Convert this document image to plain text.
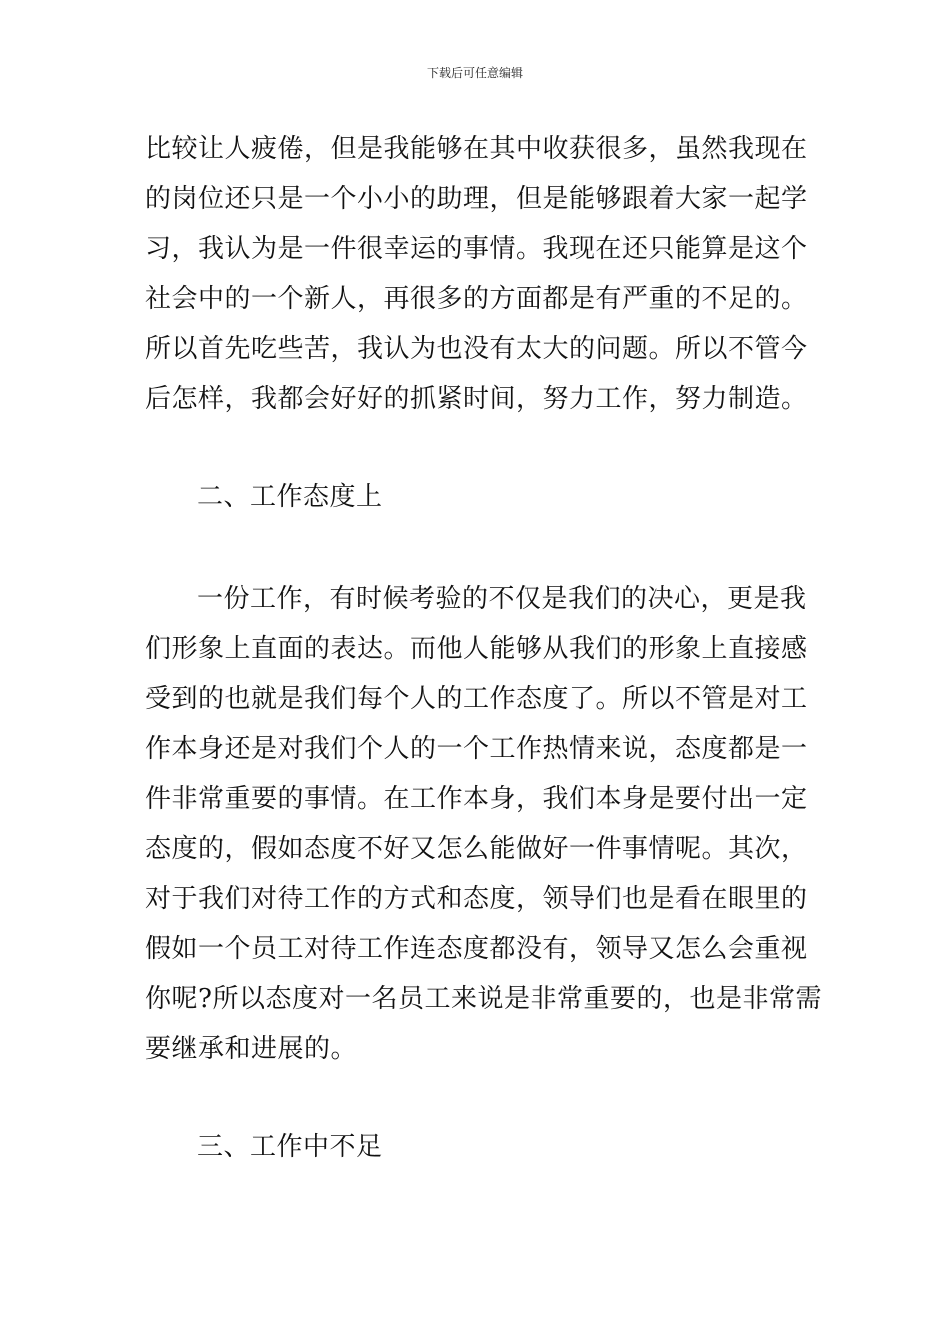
下载后可任意编辑
比较让人疲倦，但是我能够在其中收获很多，虽然我现在
的岗位还只是一个小小的助理，但是能够跟着大家一起学
习，我认为是一件很幸运的事情。我现在还只能算是这个
社会中的一个新人，再很多的方面都是有严重的不足的。
所以首先吃些苦，我认为也没有太大的问题。所以不管今
后怎样，我都会好好的抓紧时间，努力工作，努力制造。
二、工作态度上
一份工作，有时候考验的不仅是我们的决心，更是我
们形象上直面的表达。而他人能够从我们的形象上直接感
受到的也就是我们每个人的工作态度了。所以不管是对工
作本身还是对我们个人的一个工作热情来说，态度都是一
件非常重要的事情。在工作本身，我们本身是要付出一定
态度的，假如态度不好又怎么能做好一件事情呢。其次，
对于我们对待工作的方式和态度，领导们也是看在眼里的
假如一个员工对待工作连态度都没有，领导又怎么会重视
你呢?所以态度对一名员工来说是非常重要的，也是非常需
要继承和进展的。
三、工作中不足
